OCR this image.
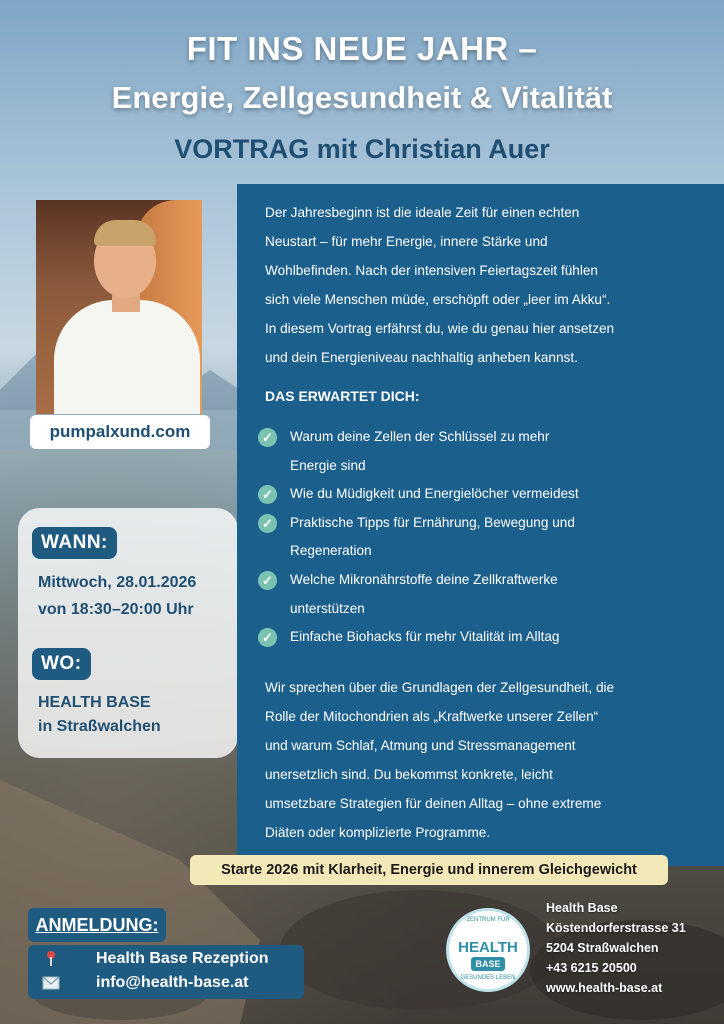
FIT INS NEUE JAHR –
Energie, Zellgesundheit & Vitalität
VORTRAG mit Christian Auer
pumpalxund.com
WANN:
Mittwoch, 28.01.2026
von 18:30–20:00 Uhr
WO:
HEALTH BASE
in Straßwalchen
Der Jahresbeginn ist die ideale Zeit für einen echten
Neustart – für mehr Energie, innere Stärke und
Wohlbefinden. Nach der intensiven Feiertagszeit fühlen
sich viele Menschen müde, erschöpft oder „leer im Akku“.
In diesem Vortrag erfährst du, wie du genau hier ansetzen
und dein Energieniveau nachhaltig anheben kannst.
DAS ERWARTET DICH:
✓ Warum deine Zellen der Schlüssel zu mehr
Energie sind
✓ Wie du Müdigkeit und Energielöcher vermeidest
✓ Praktische Tipps für Ernährung, Bewegung und
Regeneration
✓ Welche Mikronährstoffe deine Zellkraftwerke
unterstützen
✓ Einfache Biohacks für mehr Vitalität im Alltag
Wir sprechen über die Grundlagen der Zellgesundheit, die
Rolle der Mitochondrien als „Kraftwerke unserer Zellen“
und warum Schlaf, Atmung und Stressmanagement
unersetzlich sind. Du bekommst konkrete, leicht
umsetzbare Strategien für deinen Alltag – ohne extreme
Diäten oder komplizierte Programme.
Starte 2026 mit Klarheit, Energie und innerem Gleichgewicht
ANMELDUNG:
Health Base Rezeption
info@health-base.at
ZENTRUM FÜR
HEALTH
BASE
GESUNDES LEBEN
Health Base
Köstendorferstrasse 31
5204 Straßwalchen
+43 6215 20500
www.health-base.at
